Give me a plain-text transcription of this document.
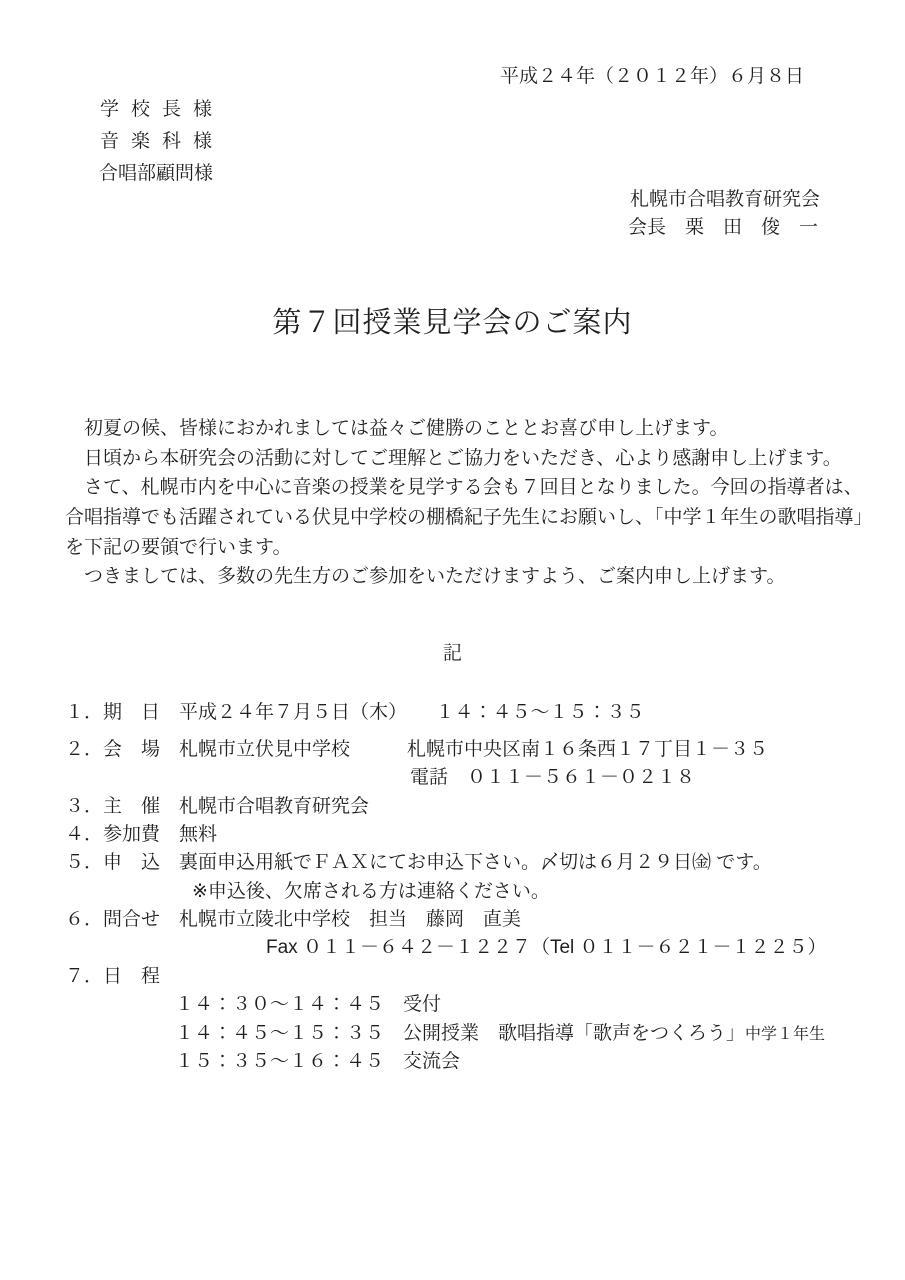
平成２４年（２０１２年）６月８日
学校長様
音楽科様
合唱部顧問様
札幌市合唱教育研究会
会長　栗　田　俊　一
第７回授業見学会のご案内
　初夏の候、皆様におかれましては益々ご健勝のこととお喜び申し上げます。
　日頃から本研究会の活動に対してご理解とご協力をいただき、心より感謝申し上げます。
　さて、札幌市内を中心に音楽の授業を見学する会も７回目となりました。今回の指導者は、
合唱指導でも活躍されている伏見中学校の棚橋紀子先生にお願いし、「中学１年生の歌唱指導」
を下記の要領で行います。
　つきましては、多数の先生方のご参加をいただけますよう、ご案内申し上げます。
記
１．期　日　平成２４年７月５日（木）　　１４：４５～１５：３５
２．会　場　札幌市立伏見中学校　　　札幌市中央区南１６条西１７丁目１－３５
電話　０１１－５６１－０２１８
３．主　催　札幌市合唱教育研究会
４．参加費　無料
５．申　込　裏面申込用紙でＦＡＸにてお申込下さい。〆切は６月２９日㈮ です。
※申込後、欠席される方は連絡ください。
６．問合せ　札幌市立陵北中学校　担当　藤岡　直美
Fax ０１１－６４２－１２２７（Tel ０１１－６２１－１２２５）
７．日　程
１４：３０～１４：４５　受付
１４：４５～１５：３５　公開授業　歌唱指導「歌声をつくろう」中学１年生
１５：３５～１６：４５　交流会
